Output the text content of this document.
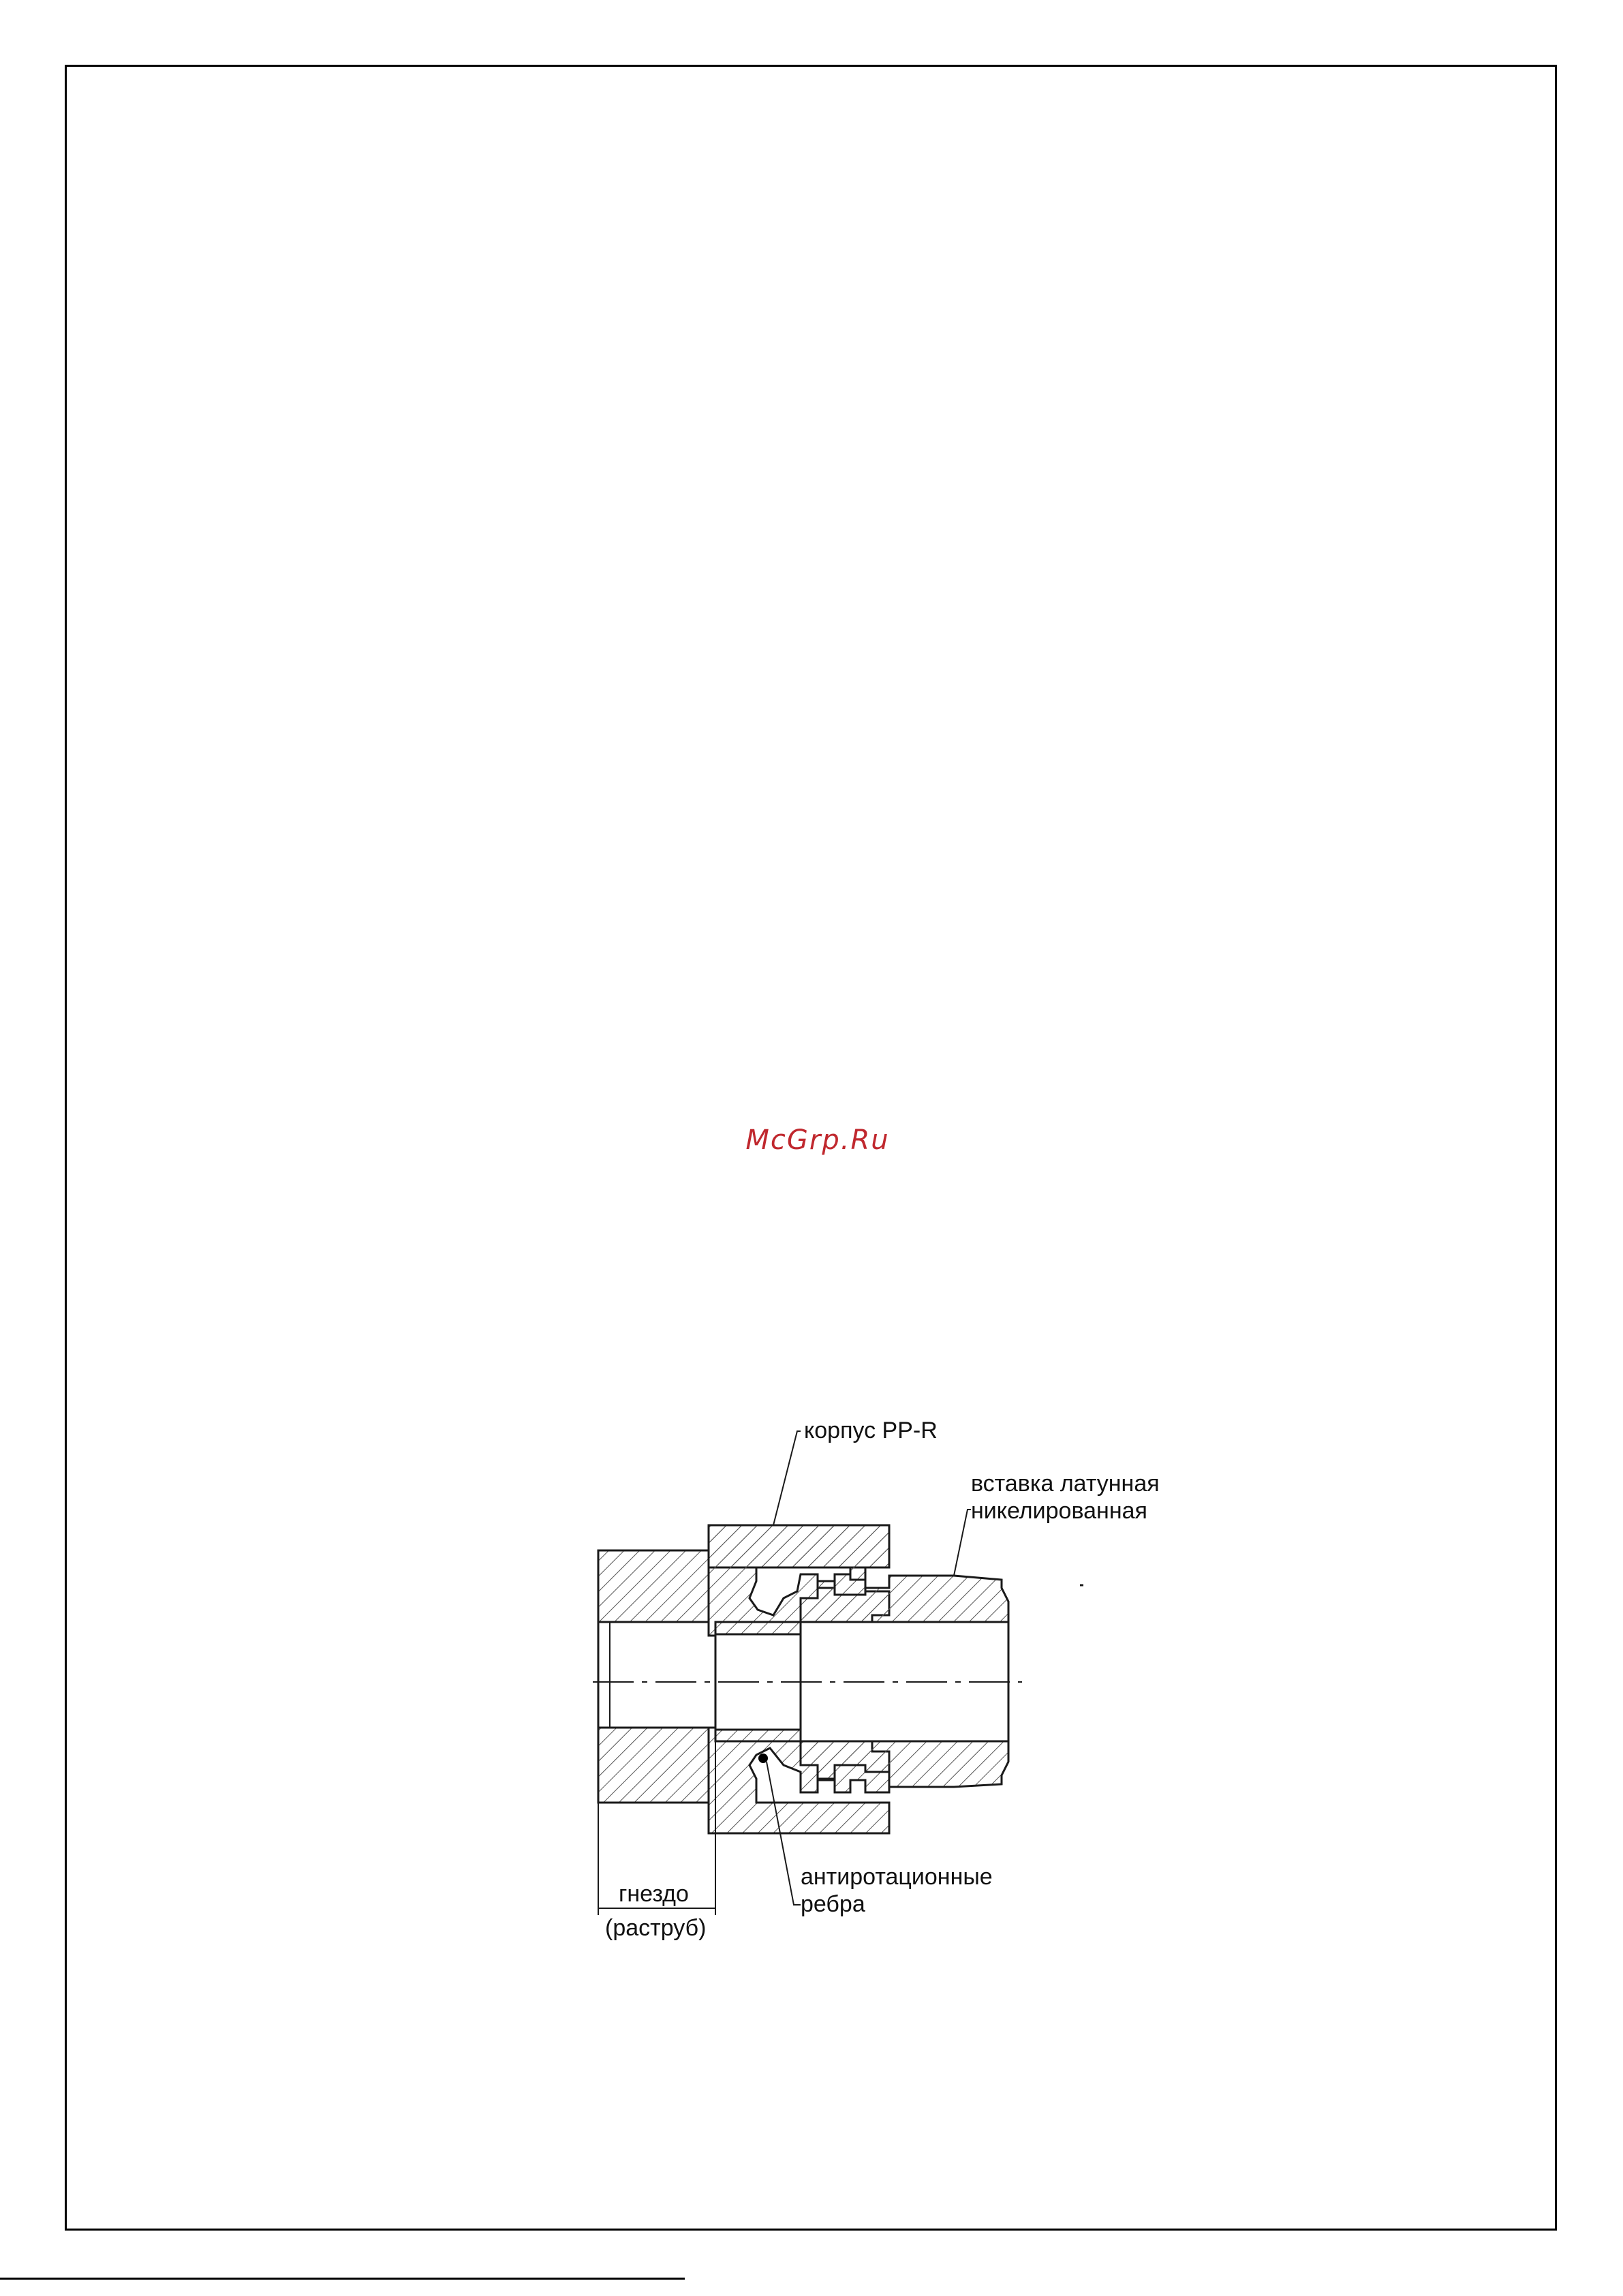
McGrp.Ru
корпус PP-R
вставка латунная
никелированная
антиротационные
ребра
гнездо
(раструб)
